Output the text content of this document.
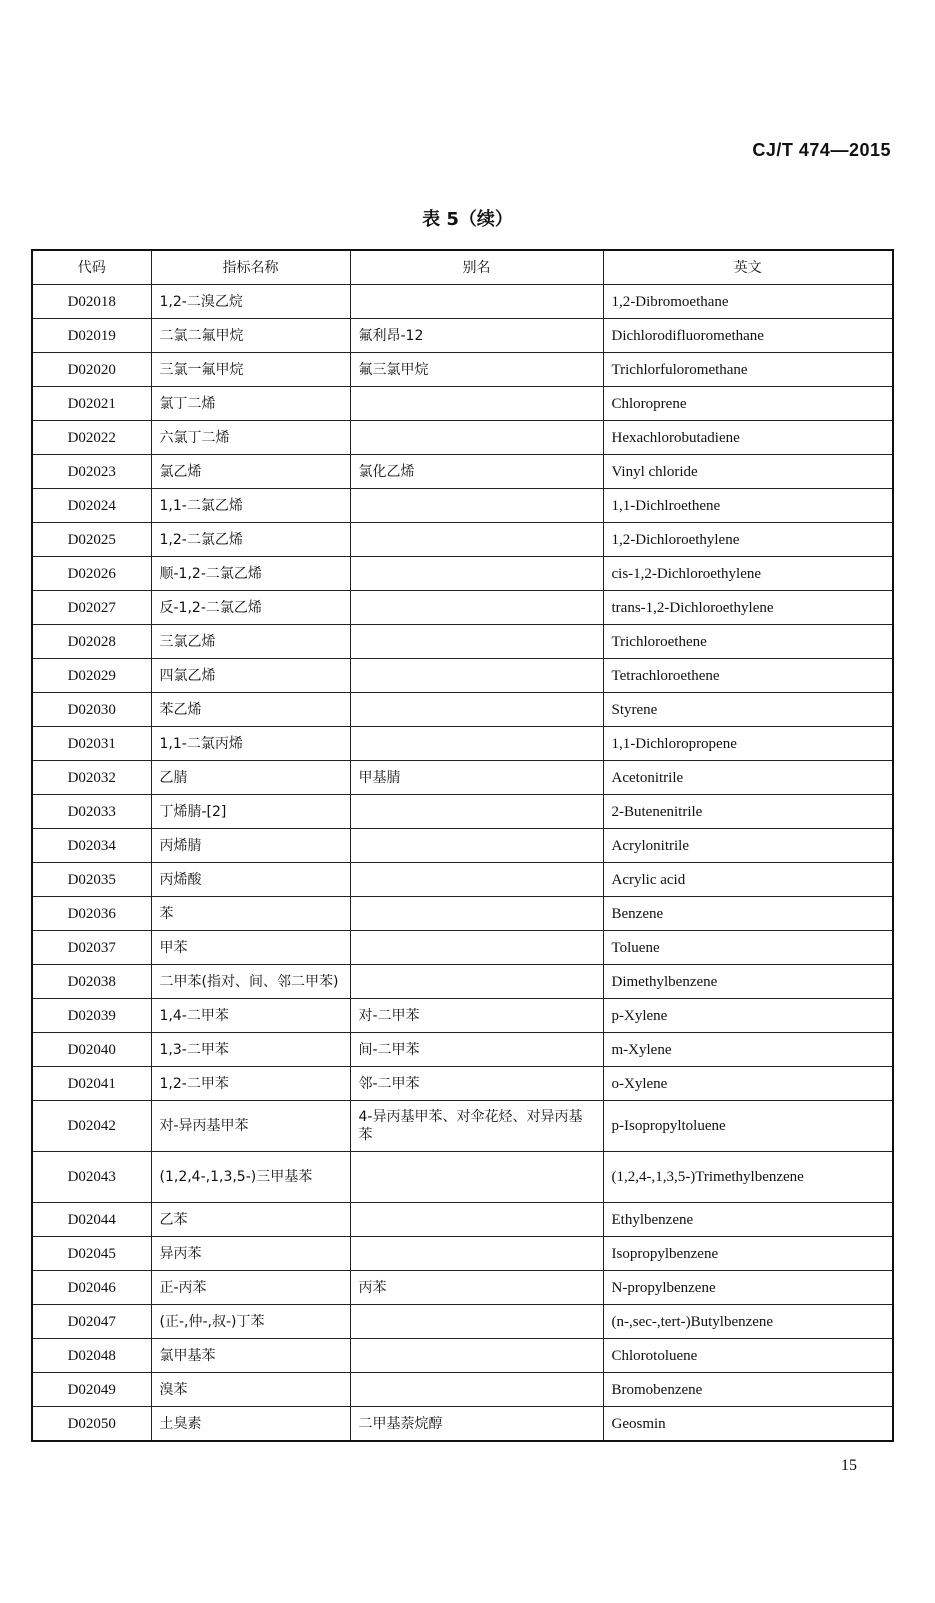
CJ/T 474—2015
表 5（续）
代码	指标名称	别名	英文
D02018	1,2-二溴乙烷		1,2-Dibromoethane
D02019	二氯二氟甲烷	氟利昂-12	Dichlorodifluoromethane
D02020	三氯一氟甲烷	氟三氯甲烷	Trichlorfuloromethane
D02021	氯丁二烯		Chloroprene
D02022	六氯丁二烯		Hexachlorobutadiene
D02023	氯乙烯	氯化乙烯	Vinyl chloride
D02024	1,1-二氯乙烯		1,1-Dichlroethene
D02025	1,2-二氯乙烯		1,2-Dichloroethylene
D02026	顺-1,2-二氯乙烯		cis-1,2-Dichloroethylene
D02027	反-1,2-二氯乙烯		trans-1,2-Dichloroethylene
D02028	三氯乙烯		Trichloroethene
D02029	四氯乙烯		Tetrachloroethene
D02030	苯乙烯		Styrene
D02031	1,1-二氯丙烯		1,1-Dichloropropene
D02032	乙腈	甲基腈	Acetonitrile
D02033	丁烯腈-[2]		2-Butenenitrile
D02034	丙烯腈		Acrylonitrile
D02035	丙烯酸		Acrylic acid
D02036	苯		Benzene
D02037	甲苯		Toluene
D02038	二甲苯(指对、间、邻二甲苯)		Dimethylbenzene
D02039	1,4-二甲苯	对-二甲苯	p-Xylene
D02040	1,3-二甲苯	间-二甲苯	m-Xylene
D02041	1,2-二甲苯	邻-二甲苯	o-Xylene
D02042	对-异丙基甲苯	4-异丙基甲苯、对伞花烃、对异丙基苯	p-Isopropyltoluene
D02043	(1,2,4-,1,3,5-)三甲基苯		(1,2,4-,1,3,5-)Trimethylbenzene
D02044	乙苯		Ethylbenzene
D02045	异丙苯		Isopropylbenzene
D02046	正-丙苯	丙苯	N-propylbenzene
D02047	(正-,仲-,叔-)丁苯		(n-,sec-,tert-)Butylbenzene
D02048	氯甲基苯		Chlorotoluene
D02049	溴苯		Bromobenzene
D02050	土臭素	二甲基萘烷醇	Geosmin
15
